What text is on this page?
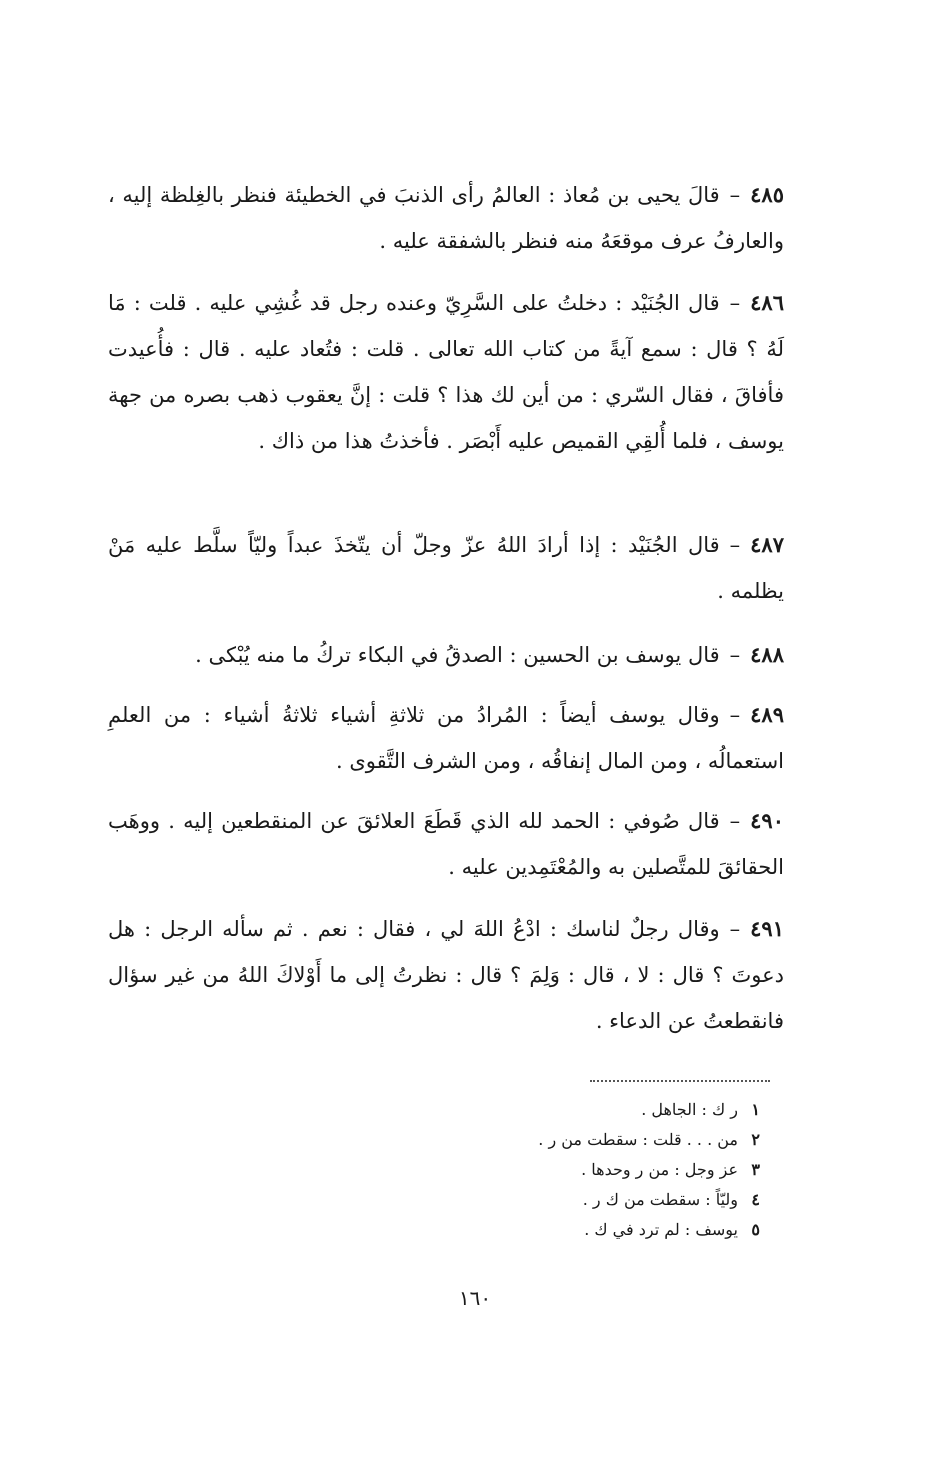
٤٨٥–قالَ يحيى بن مُعاذ : العالمُ رأى الذنبَ في الخطيئة فنظر بالغِلظة إليه ، والعارفُ عرف موقعَهُ منه فنظر بالشفقة عليه .

٤٨٦–قال الجُنَيْد : دخلتُ على السَّرِيّ وعنده رجل قد غُشِي عليه . قلت : مَا لَهُ ؟ قال : سمع آيةً من كتاب الله تعالى . قلت : فتُعاد عليه . قال : فأُعيدت فأفاقَ ، فقال السّري : من أين لك هذا ؟ قلت : إنَّ يعقوب ذهب بصره من جهة يوسف ، فلما أُلقِي القميص عليه أَبْصَر . فأخذتُ هذا من ذاك .

٤٨٧–قال الجُنَيْد : إذا أرادَ اللهُ عزّ وجلّ أن يتّخذَ عبداً وليّاً سلَّط عليه مَنْ يظلمه .

٤٨٨–قال يوسف بن الحسين : الصدقُ في البكاء تركُ ما منه يُبْكى .

٤٨٩–وقال يوسف أيضاً : المُرادُ من ثلاثةِ أشياء ثلاثةُ أشياء : من العلمِ استعمالُه ، ومن المال إنفاقُه ، ومن الشرف التَّقوى .

٤٩٠–قال صُوفي : الحمد لله الذي قَطَعَ العلائقَ عن المنقطعين إليه . ووهَب الحقائقَ للمتَّصلين به والمُعْتَمِدين عليه .

٤٩١–وقال رجلٌ لناسك : ادْعُ اللهَ لي ، فقال : نعم . ثم سأله الرجل : هل دعوتَ ؟ قال : لا ، قال : وَلِمَ ؟ قال : نظرتُ إلى ما أَوْلاكَ اللهُ من غير سؤال فانقطعتُ عن الدعاء .

١ر ك : الجاهل .
٢من . . . قلت : سقطت من ر .
٣عز وجل : من ر وحدها .
٤وليّاً : سقطت من ك ر .
٥يوسف : لم ترد في ك .
١٦٠
